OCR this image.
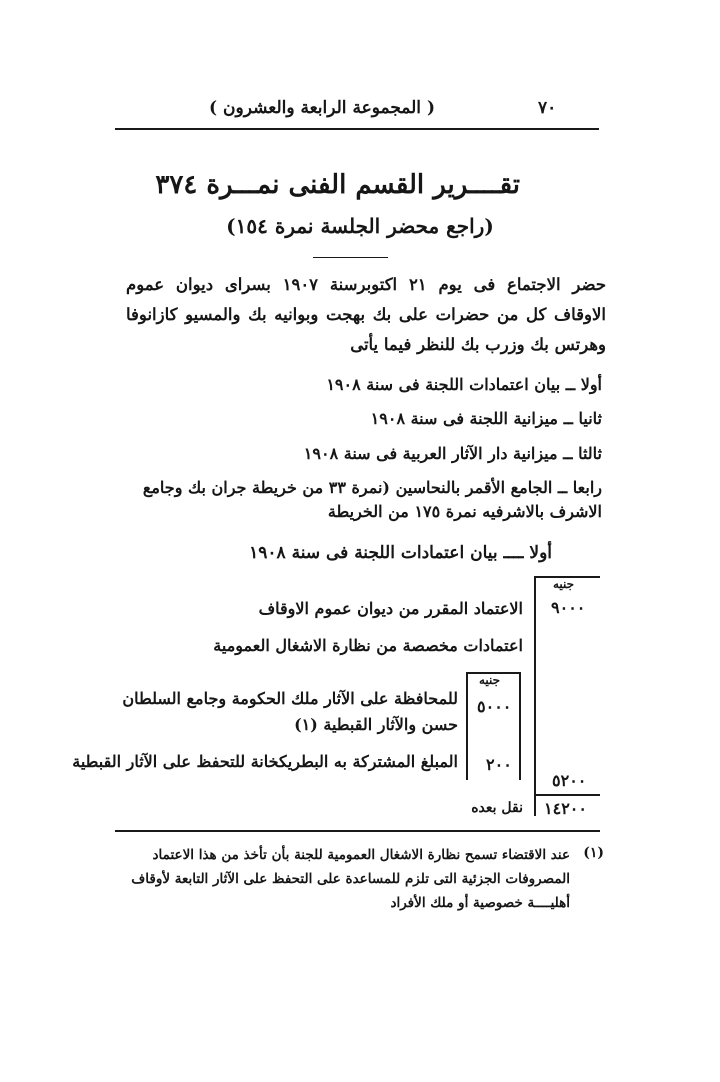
٧٠
( المجموعة الرابعة والعشرون )
تقــــرير القسم الفنى نمـــرة ٣٧٤
(راجع محضر الجلسة نمرة ١٥٤)
حضر الاجتماع فى يوم ٢١ اكتوبرسنة ١٩٠٧ بسراى ديوان عموم الاوقاف كل من حضرات على بك بهجت وبوانيه بك والمسيو كازانوفا وهرتس بك وزرب بك للنظر فيما يأتى
أولا ــ بيان اعتمادات اللجنة فى سنة ١٩٠٨
ثانيا ــ ميزانية اللجنة فى سنة ١٩٠٨
ثالثا ــ ميزانية دار الآثار العربية فى سنة ١٩٠٨
رابعا ــ الجامع الأقمر بالنحاسين (نمرة ٣٣ من خريطة جران بك وجامع الاشرف بالاشرفيه نمرة ١٧٥ من الخريطة
أولا ــــ بيان اعتمادات اللجنة فى سنة ١٩٠٨
جنيه
٩٠٠٠
الاعتماد المقرر من ديوان عموم الاوقاف
اعتمادات مخصصة من نظارة الاشغال العمومية
جنيه
٥٠٠٠
للمحافظة على الآثار ملك الحكومة وجامع السلطان حسن والآثار القبطية (١)
٢٠٠
المبلغ المشتركة به البطريكخانة للتحفظ على الآثار القبطية
٥٢٠٠
١٤٢٠٠
نقل بعده
(١)
عند الاقتضاء تسمح نظارة الاشغال العمومية للجنة بأن تأخذ من هذا الاعتماد المصروفات الجزئية التى تلزم للمساعدة على التحفظ على الآثار التابعة لأوقاف أهليــــة خصوصية أو ملك الأفراد
